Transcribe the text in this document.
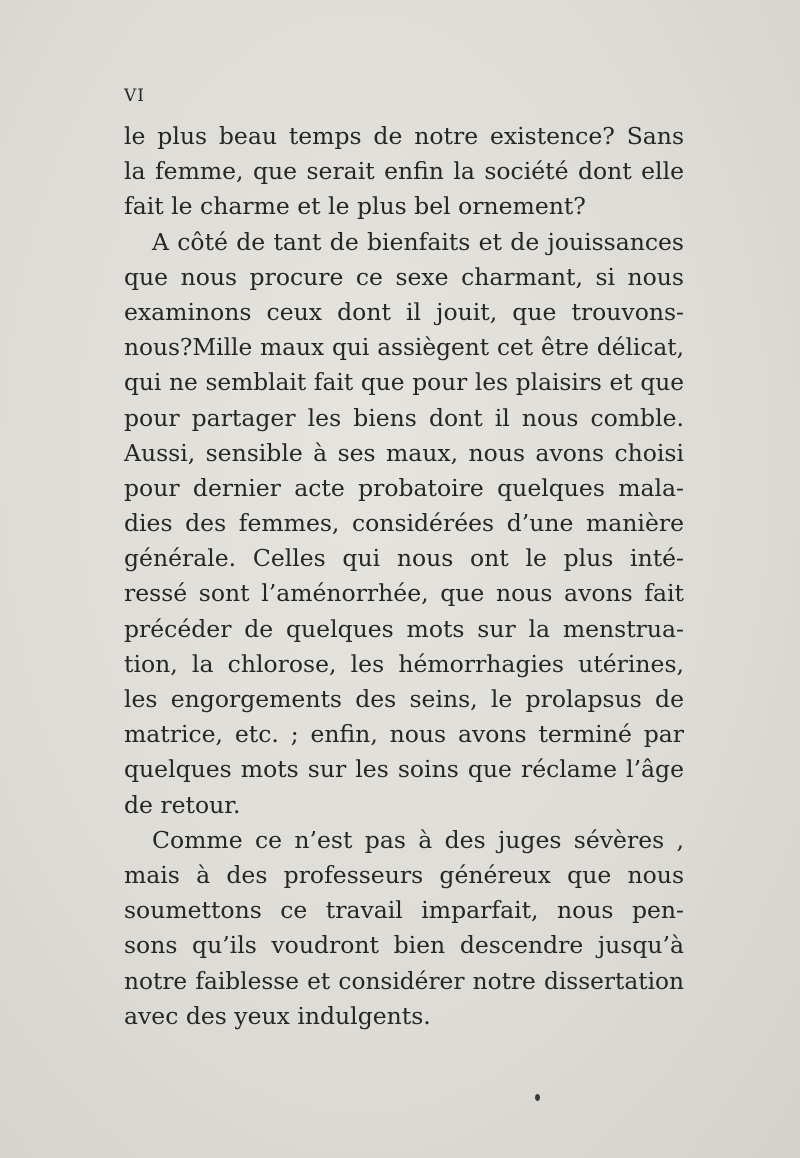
VI
le plus beau temps de notre existence? Sans
la femme, que serait enfin la société dont elle
fait le charme et le plus bel ornement?
A côté de tant de bienfaits et de jouissances
que nous procure ce sexe charmant, si nous
examinons ceux dont il jouit, que trouvons-
nous?Mille maux qui assiègent cet être délicat,
qui ne semblait fait que pour les plaisirs et que
pour partager les biens dont il nous comble.
Aussi, sensible à ses maux, nous avons choisi
pour dernier acte probatoire quelques mala-
dies des femmes, considérées d’une manière
générale. Celles qui nous ont le plus inté-
ressé sont l’aménorrhée, que nous avons fait
précéder de quelques mots sur la menstrua-
tion, la chlorose, les hémorrhagies utérines,
les engorgements des seins, le prolapsus de
matrice, etc. ; enfin, nous avons terminé par
quelques mots sur les soins que réclame l’âge
de retour.
Comme ce n’est pas à des juges sévères ,
mais à des professeurs généreux que nous
soumettons ce travail imparfait, nous pen-
sons qu’ils voudront bien descendre jusqu’à
notre faiblesse et considérer notre dissertation
avec des yeux indulgents.
